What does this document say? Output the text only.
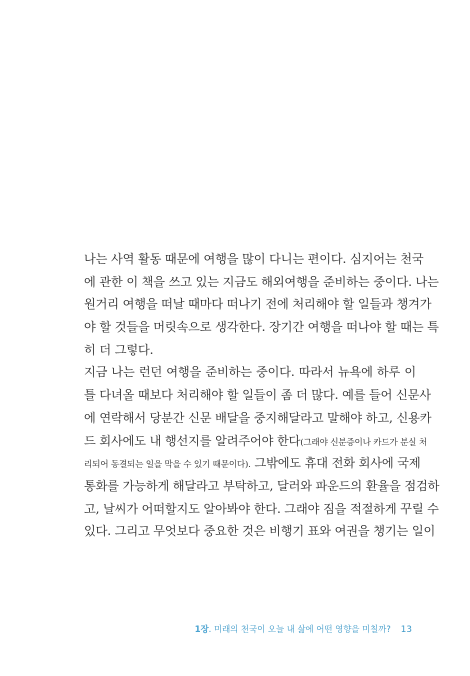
나는 사역 활동 때문에 여행을 많이 다니는 편이다. 심지어는 천국
에 관한 이 책을 쓰고 있는 지금도 해외여행을 준비하는 중이다. 나는
원거리 여행을 떠날 때마다 떠나기 전에 처리해야 할 일들과 챙겨가
야 할 것들을 머릿속으로 생각한다. 장기간 여행을 떠나야 할 때는 특
히 더 그렇다.
지금 나는 런던 여행을 준비하는 중이다. 따라서 뉴욕에 하루 이
틀 다녀올 때보다 처리해야 할 일들이 좀 더 많다. 예를 들어 신문사
에 연락해서 당분간 신문 배달을 중지해달라고 말해야 하고, 신용카
드 회사에도 내 행선지를 알려주어야 한다(그래야 신분증이나 카드가 분실 처
리되어 동결되는 일을 막을 수 있기 때문이다). 그밖에도 휴대 전화 회사에 국제
통화를 가능하게 해달라고 부탁하고, 달러와 파운드의 환율을 점검하
고, 날씨가 어떠할지도 알아봐야 한다. 그래야 짐을 적절하게 꾸릴 수
있다. 그리고 무엇보다 중요한 것은 비행기 표와 여권을 챙기는 일이
1장. 미래의 천국이 오늘 내 삶에 어떤 영향을 미칠까? 13
